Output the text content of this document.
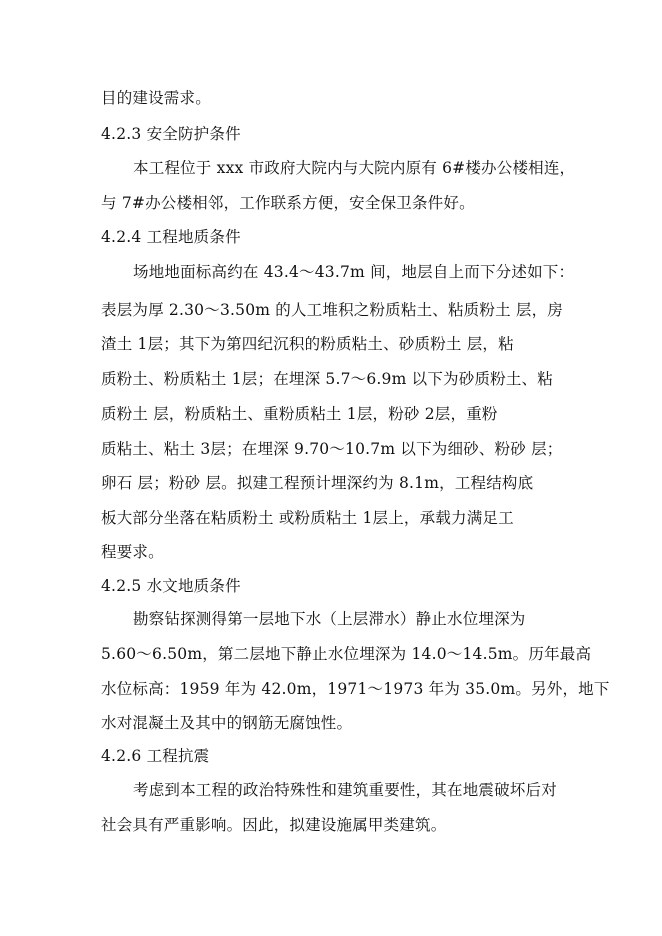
目的建设需求。
4.2.3 安全防护条件
本工程位于 xxx 市政府大院内与大院内原有 6#楼办公楼相连，
与 7#办公楼相邻，工作联系方便，安全保卫条件好。
4.2.4 工程地质条件
场地地面标高约在 43.4～43.7m 间，地层自上而下分述如下：
表层为厚 2.30～3.50m 的人工堆积之粉质粘土、粘质粉土 层，房
渣土 1层；其下为第四纪沉积的粉质粘土、砂质粉土 层，粘
质粉土、粉质粘土 1层；在埋深 5.7～6.9m 以下为砂质粉土、粘
质粉土 层，粉质粘土、重粉质粘土 1层，粉砂 2层，重粉
质粘土、粘土 3层；在埋深 9.70～10.7m 以下为细砂、粉砂 层；
卵石 层；粉砂 层。拟建工程预计埋深约为 8.1m，工程结构底
板大部分坐落在粘质粉土 或粉质粘土 1层上，承载力满足工
程要求。
4.2.5 水文地质条件
勘察钻探测得第一层地下水（上层滞水）静止水位埋深为
5.60～6.50m，第二层地下静止水位埋深为 14.0～14.5m。历年最高
水位标高：1959 年为 42.0m，1971～1973 年为 35.0m。另外，地下
水对混凝土及其中的钢筋无腐蚀性。
4.2.6 工程抗震
考虑到本工程的政治特殊性和建筑重要性，其在地震破坏后对
社会具有严重影响。因此，拟建设施属甲类建筑。
